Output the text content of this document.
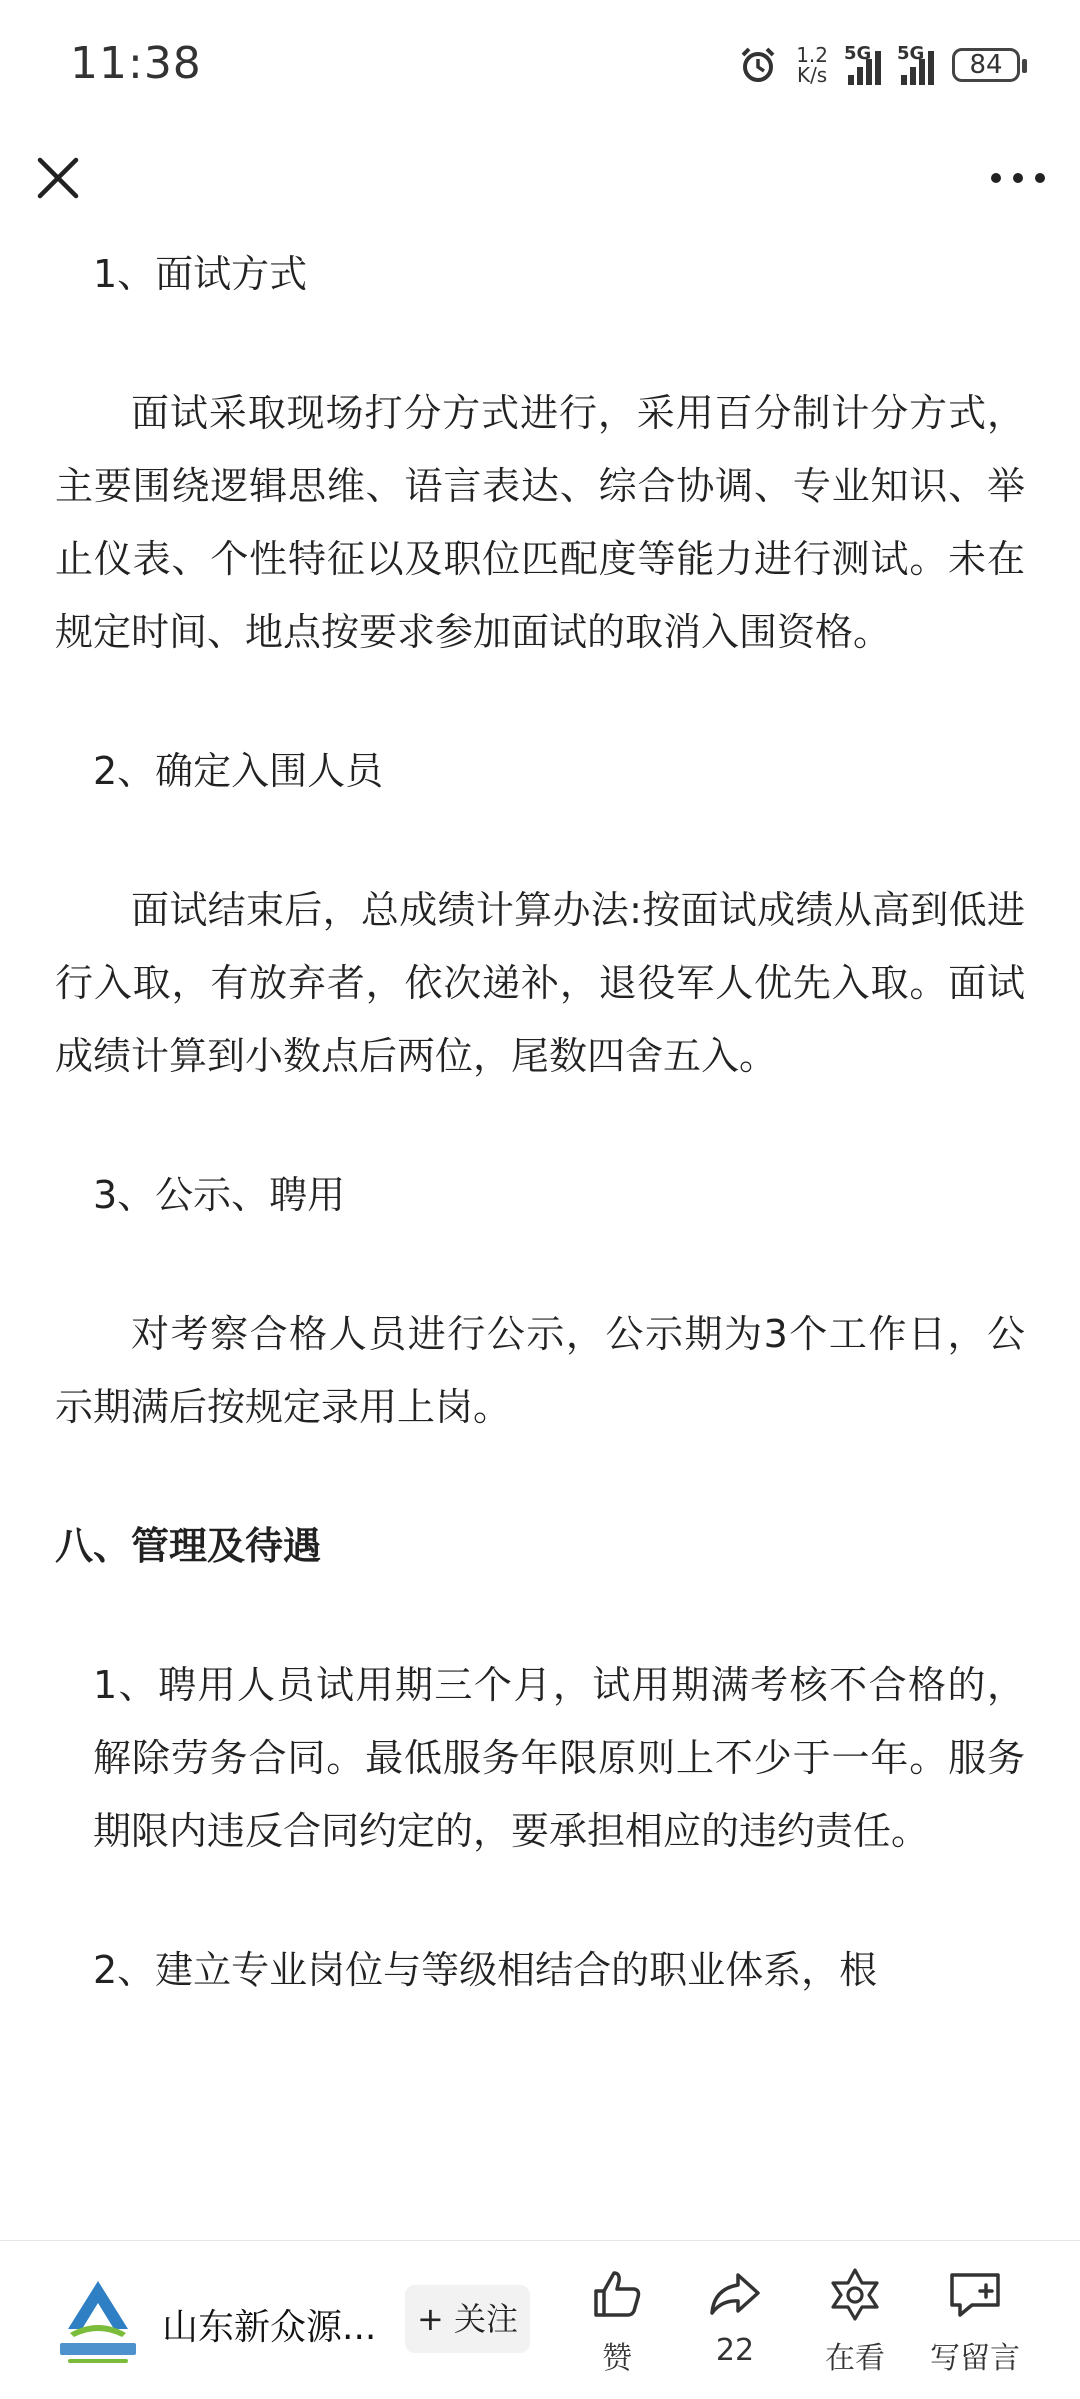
11:38	1.2
K/s
5G 5G 84

1、面试方式

面试采取现场打分方式进行，采用百分制计分方式，主要围绕逻辑思维、语言表达、综合协调、专业知识、举止仪表、个性特征以及职位匹配度等能力进行测试。未在规定时间、地点按要求参加面试的取消入围资格。

2、确定入围人员

面试结束后，总成绩计算办法:按面试成绩从高到低进行入取，有放弃者，依次递补，退役军人优先入取。面试成绩计算到小数点后两位，尾数四舍五入。

3、公示、聘用

对考察合格人员进行公示，公示期为3个工作日，公示期满后按规定录用上岗。

八、管理及待遇

1、聘用人员试用期三个月，试用期满考核不合格的，解除劳务合同。最低服务年限原则上不少于一年。服务期限内违反合同约定的，要承担相应的违约责任。

2、建立专业岗位与等级相结合的职业体系，根

山东新众源...	+ 关注
赞	22	在看	写留言
